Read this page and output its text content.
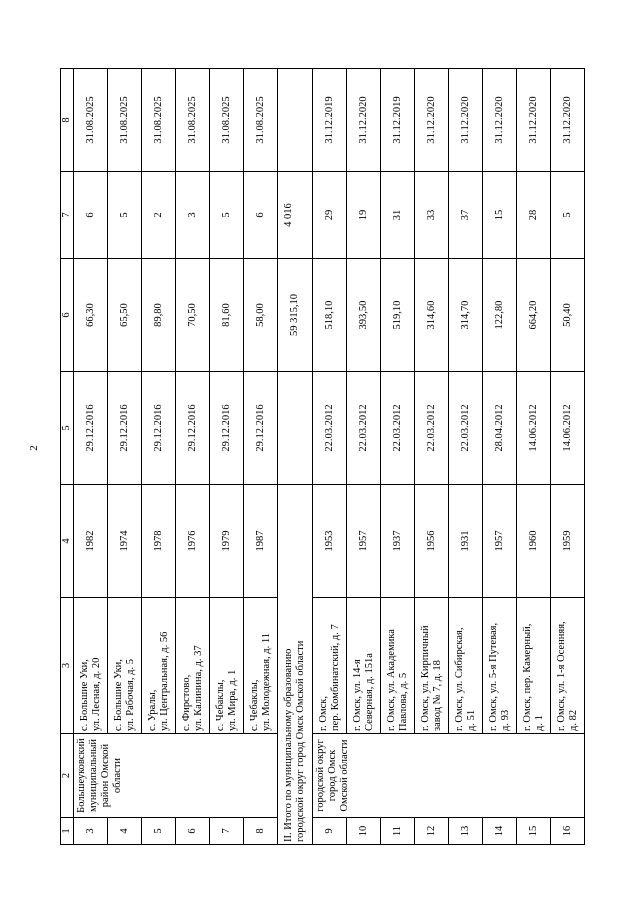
2
1	2	3	4	5	6	7	8
3	Большеуковский муниципальный район Омской области	с. Большие Уки, ул. Лесная, д. 20	1982	29.12.2016	66,30	6	31.08.2025
4		с. Большие Уки, ул. Рабочая, д. 5	1974	29.12.2016	65,50	5	31.08.2025
5		с. Уралы, ул. Центральная, д. 56	1978	29.12.2016	89,80	2	31.08.2025
6		с. Фирстово, ул. Калинина, д. 37	1976	29.12.2016	70,50	3	31.08.2025
7		с. Чебаклы, ул. Мира, д. 1	1979	29.12.2016	81,60	5	31.08.2025
8		с. Чебаклы, ул. Молодежная, д. 11	1987	29.12.2016	58,00	6	31.08.2025

II. Итого по муниципальному образованию городской округ город Омск Омской области					59 315,10	4 016	
9	городской округ город Омск Омской области	г. Омск, пер. Комбинатский, д. 7	1953	22.03.2012	518,10	29	31.12.2019
10		г. Омск, ул. 14-я Северная, д. 151а	1957	22.03.2012	393,50	19	31.12.2020
11		г. Омск, ул. Академика Павлова, д. 5	1937	22.03.2012	519,10	31	31.12.2019
12		г. Омск, ул. Кирпичный завод № 7, д. 18	1956	22.03.2012	314,60	33	31.12.2020
13		г. Омск, ул. Сибирская, д. 51	1931	22.03.2012	314,70	37	31.12.2020
14		г. Омск, ул. 5-я Путевая, д. 93	1957	28.04.2012	122,80	15	31.12.2020
15		г. Омск, пер. Камерный, д. 1	1960	14.06.2012	664,20	28	31.12.2020
16		г. Омск, ул. 1-я Осенняя, д. 82	1959	14.06.2012	50,40	5	31.12.2020
